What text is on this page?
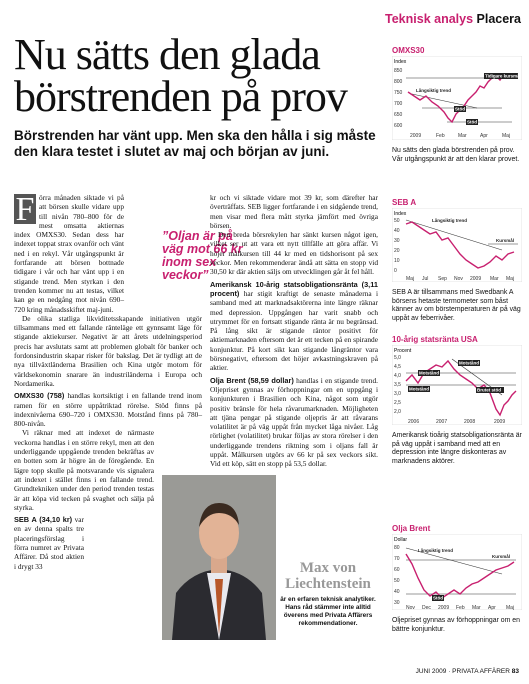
Teknisk analys Placera
Nu sätts den glada börstrenden på prov
Börstrenden har vänt upp. Men ska den hålla i sig måste den klara testet i slutet av maj och början av juni.
F örra månaden siktade vi på att börsen skulle vidare upp till nivån 780–800 för de mest omsatta aktiernas index OMXS30. Sedan dess har indexet toppat strax ovanför och vänt ned i en rekyl. Vår utgångspunkt är fortfarande att börsen bottnade tidigare i vår och har vänt upp i en stigande trend. Men styrkan i den trenden kommer nu att testas, vilket kan ge en nedgång mot nivån 690–720 kring månadsskiftet maj-juni.

De olika statliga likviditetsskapande initiativen utgör tillsammans med ett fallande ränteläge ett gynnsamt läge för stigande aktiekurser. Negativt är att årets utdelningsperiod precis har avslutats samt att problemen globalt för banker och fordonsindustrin skapar risker för bakslag. Det är tydligt att de nya tillväxtländerna Brasilien och Kina utgör motorn för världsekonomin snarare än industriländerna i Europa och Nordamerika.

OMXS30 (758) handlas kortsiktigt i en fallande trend inom ramen för en större uppåtriktad rörelse. Stöd finns på indexnivåerna 690–720 i OMXS30. Motstånd finns på 780–800-nivån.

Vi räknar med att indexet de närmaste veckorna handlas i en större rekyl, men att den underliggande uppgående trenden bekräftas av en botten som är högre än de föregående. En lägre topp skulle på motsvarande vis signalera att indexet i stället finns i en fallande trend. Grundtekniken under den period trenden testas är att köpa vid tecken på svaghet och sälja på styrka.

SEB A (34,10 kr) var en av denna spalts tre placeringsförslag i förra numret av Privata Affärer. Då stod aktien i drygt 33

”Oljan är på väg mot 66 kr inom sex veckor”

kr och vi siktade vidare mot 39 kr, som därefter har överträffats. SEB ligger fortfarande i en sidgående trend, men visar med flera mått styrka jämfört med övriga börsen.

Den breda börsrekylen har sänkt kursen något igen, vilket ser ut att vara ett nytt tillfälle att göra affär. Vi höjer målkursen till 44 kr med en tidshorisont på sex veckor. Men rekommenderar ändå att sätta en stopp vid 30,50 kr där aktien säljs om utvecklingen går åt fel håll.

Amerikansk 10-årig statsobligationsränta (3,11 procent) har stigit kraftigt de senaste månaderna i samband med att marknadsaktörerna inte längre räknar med depression. Uppgången har varit snabb och utrymmet för en fortsatt stigande ränta är nu begränsad. På lång sikt är stigande räntor positivt för aktiemarknaden eftersom det är ett tecken på en spirande konjunktur. På kort sikt kan stigande långräntor vara börsnegativt, eftersom det höjer avkastningskraven på aktier.

Olja Brent (58,59 dollar) handlas i en stigande trend. Oljepriset gynnas av förhoppningar om en uppgång i konjunkturen i Brasilien och Kina, något som utgör positiv bränsle för hela råvarumarknaden. Möjligheten att tjäna pengar på stigande oljepris är att råvarans volatilitet är på väg uppåt från mycket låga nivåer. Låg rörlighet (volatilitet) brukar följas av stora rörelser i den underliggande trendens riktning som i oljans fall är uppåt. Målkursen utgörs av 66 kr på sex veckors sikt. Vid ett köp, sätt en stopp på 53,5 dollar.

Max von Liechtenstein
är en erfaren teknisk analytiker. Hans råd stämmer inte alltid överens med Privata Affärers rekommendationer.
OMXS30
Index
850
800
750
700
650
600
2009	Feb	Mar	Apr	Maj
Tidigare kursmål
Långsiktig trend
Stöd
Stöd
Nu sätts den glada börstrenden på prov. Vår utgångspunkt är att den klarar provet.
SEB A
Index
50
40
30
20
10
0
Maj Jul Sep Nov 2009 Mar Maj
Långsiktig trend
Kursmål
SEB A är tillsammans med Swedbank A börsens hetaste termometer som båst känner av om börstemperaturen är på väg uppåt av feberrivåer.
10-årig statsränta USA
Procent
5,0
4,5
4,0
3,5
3,0
2,5
2,0
2006	2007	2008	2009
Motstånd
Motstånd
Motstånd	Brutet stöd
Amerikansk tioårig statsobligationsränta är på väg uppåt i samband med att en depression inte längre diskonteras av marknadens aktörer.
Olja Brent
Dollar
80
70
60
50
40
30
Nov Dec 2009 Feb Mar Apr Maj
Långsiktig trend
Kursmål
Stöd
Oljepriset gynnas av förhoppningar om en bättre konjunktur.
JUNI 2009 · PRIVATA AFFÄRER 83
